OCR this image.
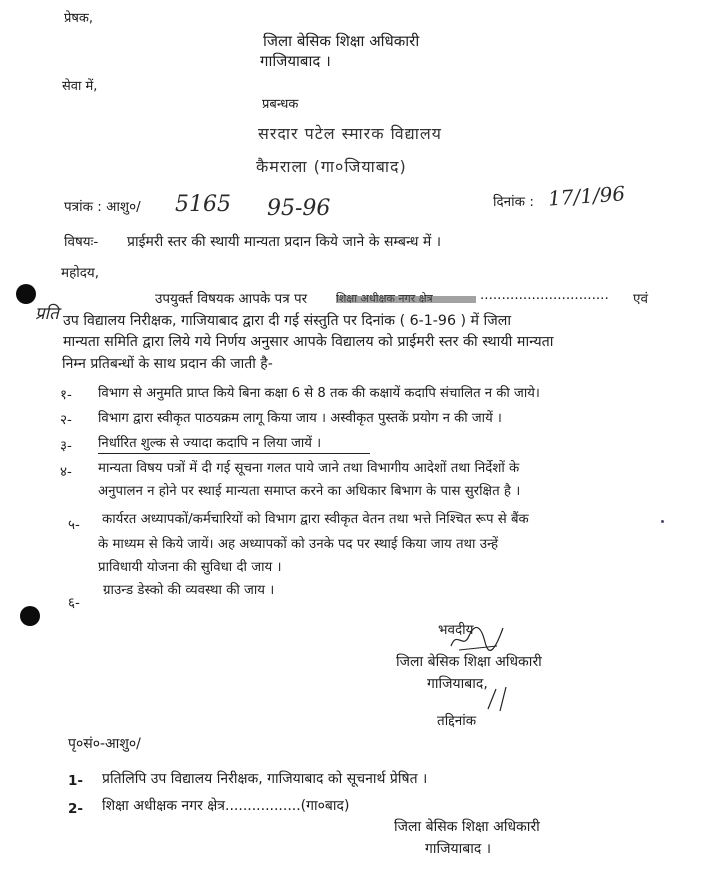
प्रेषक,
जिला बेसिक शिक्षा अधिकारी
गाजियाबाद ।
सेवा में,
प्रबन्धक
सरदार पटेल स्मारक विद्यालय
कैमराला (गा०जियाबाद)
पत्रांक : आशु०/ 5165 95-96	दिनांक : 17/1/96
विषयः- प्राईमरी स्तर की स्थायी मान्यता प्रदान किये जाने के सम्बन्ध में ।
महोदय,
उपयुर्क्त विषयक आपके पत्र पर	.............................. एवं
प्रति उप विद्यालय निरीक्षक, गाजियाबाद द्वारा दी गई संस्तुति पर दिनांक ( 6-1-96 ) में जिला
मान्यता समिति द्वारा लिये गये निर्णय अनुसार आपके विद्यालय को प्राईमरी स्तर की स्थायी मान्यता
निम्न प्रतिबन्धों के साथ प्रदान की जाती है-
१- विभाग से अनुमति प्राप्त किये बिना कक्षा 6 से 8 तक की कक्षायें कदापि संचालित न की जाये।
२- विभाग द्वारा स्वीकृत पाठयक्रम लागू किया जाय । अस्वीकृत पुस्तकें प्रयोग न की जायें ।
३- निर्धारित शुल्क से ज्यादा कदापि न लिया जायें ।
४- मान्यता विषय पत्रों में दी गई सूचना गलत पाये जाने तथा विभागीय आदेशों तथा निर्देशों के
अनुपालन न होने पर स्थाई मान्यता समाप्त करने का अधिकार बिभाग के पास सुरक्षित है ।
५- कार्यरत अध्यापकों/कर्मचारियों को विभाग द्वारा स्वीकृत वेतन तथा भत्ते निश्चित रूप से बैंक
के माध्यम से किये जायें। अह अध्यापकों को उनके पद पर स्थाई किया जाय तथा उन्हें
प्राविधायी योजना की सुविधा दी जाय ।
६-
ग्राउन्ड डेस्को की व्यवस्था की जाय ।
भवदीय
जिला बेसिक शिक्षा अधिकारी
गाजियाबाद,
तद्दिनांक
पृ०सं०-आशु०/
1- प्रतिलिपि उप विद्यालय निरीक्षक, गाजियाबाद को सूचनार्थ प्रेषित ।
2- शिक्षा अधीक्षक नगर क्षेत्र.................(गा०बाद)
जिला बेसिक शिक्षा अधिकारी
गाजियाबाद ।
